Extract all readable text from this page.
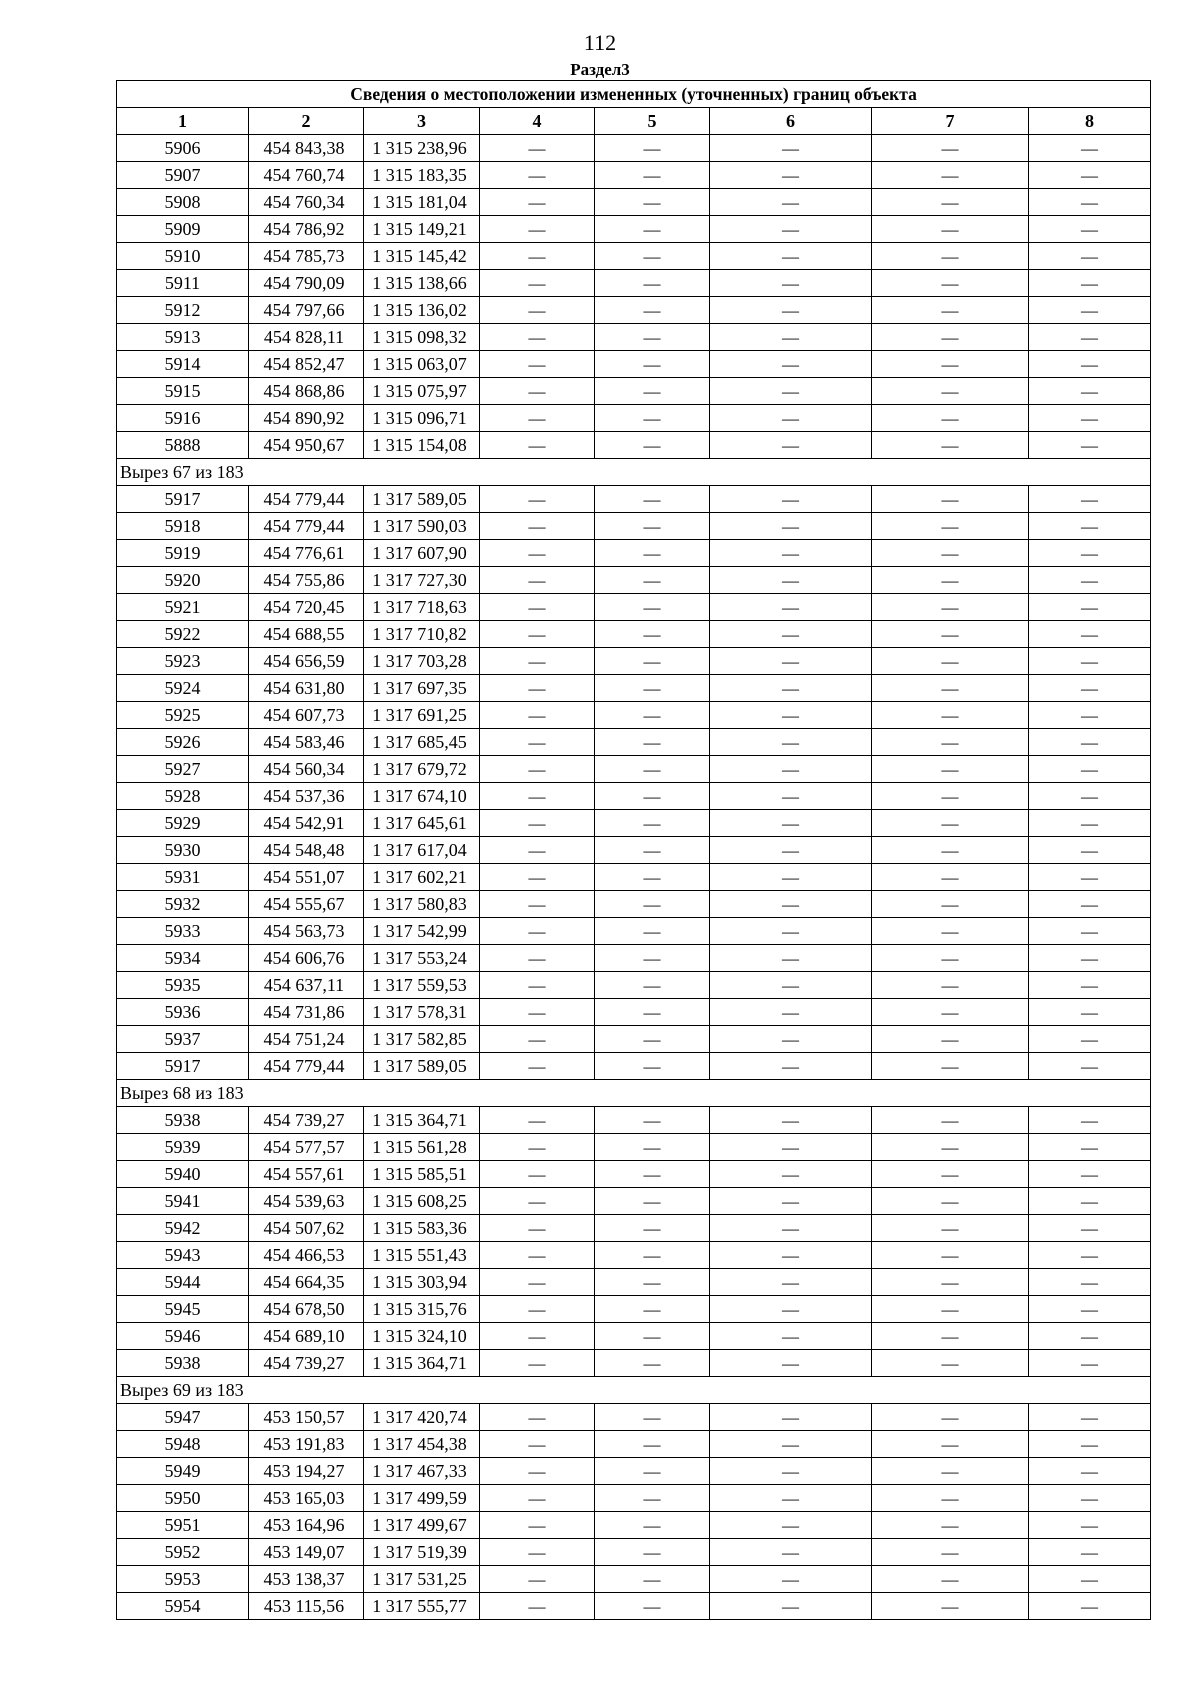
112
Раздел3
Сведения о местоположении измененных (уточненных) границ объекта							
1	2	3	4	5	6	7	8
5906	454 843,38	1 315 238,96	—	—	—	—	—
5907	454 760,74	1 315 183,35	—	—	—	—	—
5908	454 760,34	1 315 181,04	—	—	—	—	—
5909	454 786,92	1 315 149,21	—	—	—	—	—
5910	454 785,73	1 315 145,42	—	—	—	—	—
5911	454 790,09	1 315 138,66	—	—	—	—	—
5912	454 797,66	1 315 136,02	—	—	—	—	—
5913	454 828,11	1 315 098,32	—	—	—	—	—
5914	454 852,47	1 315 063,07	—	—	—	—	—
5915	454 868,86	1 315 075,97	—	—	—	—	—
5916	454 890,92	1 315 096,71	—	—	—	—	—
5888	454 950,67	1 315 154,08	—	—	—	—	—
Вырез 67 из 183							
5917	454 779,44	1 317 589,05	—	—	—	—	—
5918	454 779,44	1 317 590,03	—	—	—	—	—
5919	454 776,61	1 317 607,90	—	—	—	—	—
5920	454 755,86	1 317 727,30	—	—	—	—	—
5921	454 720,45	1 317 718,63	—	—	—	—	—
5922	454 688,55	1 317 710,82	—	—	—	—	—
5923	454 656,59	1 317 703,28	—	—	—	—	—
5924	454 631,80	1 317 697,35	—	—	—	—	—
5925	454 607,73	1 317 691,25	—	—	—	—	—
5926	454 583,46	1 317 685,45	—	—	—	—	—
5927	454 560,34	1 317 679,72	—	—	—	—	—
5928	454 537,36	1 317 674,10	—	—	—	—	—
5929	454 542,91	1 317 645,61	—	—	—	—	—
5930	454 548,48	1 317 617,04	—	—	—	—	—
5931	454 551,07	1 317 602,21	—	—	—	—	—
5932	454 555,67	1 317 580,83	—	—	—	—	—
5933	454 563,73	1 317 542,99	—	—	—	—	—
5934	454 606,76	1 317 553,24	—	—	—	—	—
5935	454 637,11	1 317 559,53	—	—	—	—	—
5936	454 731,86	1 317 578,31	—	—	—	—	—
5937	454 751,24	1 317 582,85	—	—	—	—	—
5917	454 779,44	1 317 589,05	—	—	—	—	—
Вырез 68 из 183							
5938	454 739,27	1 315 364,71	—	—	—	—	—
5939	454 577,57	1 315 561,28	—	—	—	—	—
5940	454 557,61	1 315 585,51	—	—	—	—	—
5941	454 539,63	1 315 608,25	—	—	—	—	—
5942	454 507,62	1 315 583,36	—	—	—	—	—
5943	454 466,53	1 315 551,43	—	—	—	—	—
5944	454 664,35	1 315 303,94	—	—	—	—	—
5945	454 678,50	1 315 315,76	—	—	—	—	—
5946	454 689,10	1 315 324,10	—	—	—	—	—
5938	454 739,27	1 315 364,71	—	—	—	—	—
Вырез 69 из 183							
5947	453 150,57	1 317 420,74	—	—	—	—	—
5948	453 191,83	1 317 454,38	—	—	—	—	—
5949	453 194,27	1 317 467,33	—	—	—	—	—
5950	453 165,03	1 317 499,59	—	—	—	—	—
5951	453 164,96	1 317 499,67	—	—	—	—	—
5952	453 149,07	1 317 519,39	—	—	—	—	—
5953	453 138,37	1 317 531,25	—	—	—	—	—
5954	453 115,56	1 317 555,77	—	—	—	—	—
